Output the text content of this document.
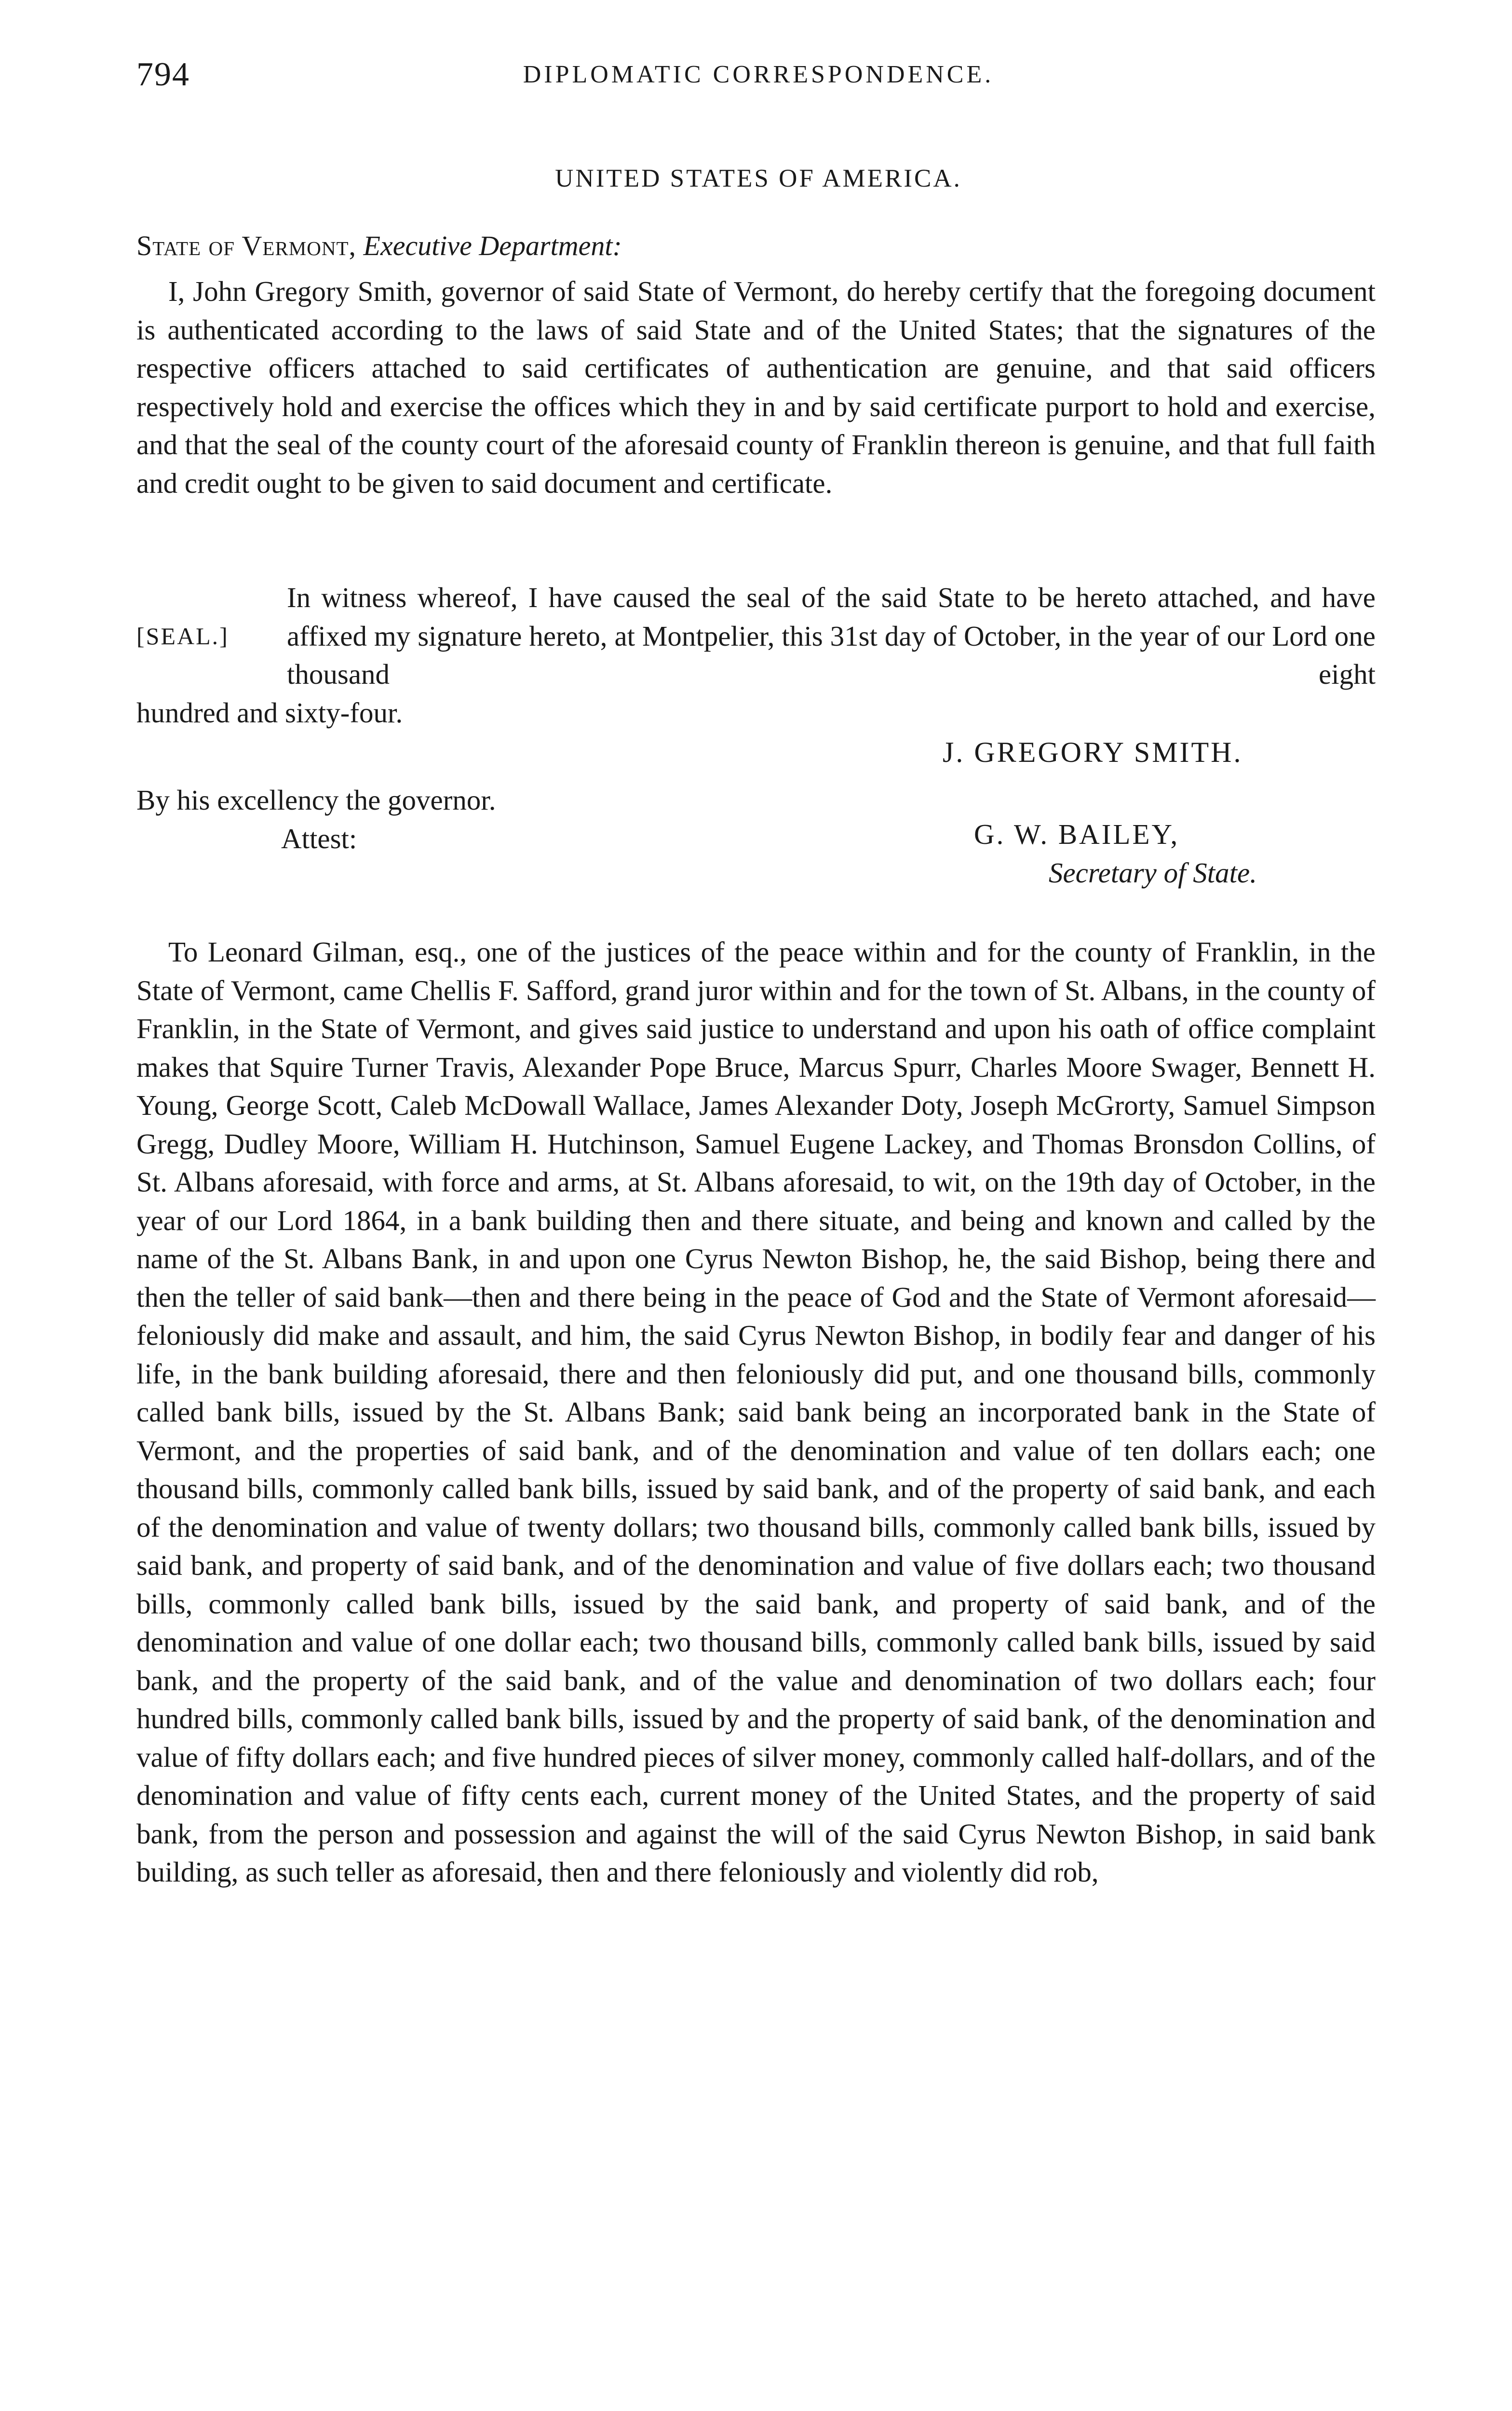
794	DIPLOMATIC CORRESPONDENCE.
UNITED STATES OF AMERICA.
State of Vermont, Executive Department:

I, John Gregory Smith, governor of said State of Vermont, do hereby certify that the foregoing document is authenticated according to the laws of said State and of the United States; that the signatures of the respective officers attached to said certificates of authentication are genuine, and that said officers respectively hold and exercise the offices which they in and by said certificate purport to hold and exercise, and that the seal of the county court of the aforesaid county of Franklin thereon is genuine, and that full faith and credit ought to be given to said document and certificate.

[SEAL.]
In witness whereof, I have caused the seal of the said State to be hereto attached, and have affixed my signature hereto, at Montpelier, this 31st day of October, in the year of our Lord one thousand eight
hundred and sixty-four.
J. GREGORY SMITH.
By his excellency the governor.
Attest:	G. W. BAILEY,
Secretary of State.

To Leonard Gilman, esq., one of the justices of the peace within and for the county of Franklin, in the State of Vermont, came Chellis F. Safford, grand juror within and for the town of St. Albans, in the county of Franklin, in the State of Vermont, and gives said justice to understand and upon his oath of office complaint makes that Squire Turner Travis, Alexander Pope Bruce, Marcus Spurr, Charles Moore Swager, Bennett H. Young, George Scott, Caleb McDowall Wallace, James Alexander Doty, Joseph McGrorty, Samuel Simpson Gregg, Dudley Moore, William H. Hutchinson, Samuel Eugene Lackey, and Thomas Bronsdon Collins, of St. Albans aforesaid, with force and arms, at St. Albans aforesaid, to wit, on the 19th day of October, in the year of our Lord 1864, in a bank building then and there situate, and being and known and called by the name of the St. Albans Bank, in and upon one Cyrus Newton Bishop, he, the said Bishop, being there and then the teller of said bank—then and there being in the peace of God and the State of Vermont aforesaid—feloniously did make and assault, and him, the said Cyrus Newton Bishop, in bodily fear and danger of his life, in the bank building aforesaid, there and then feloniously did put, and one thousand bills, commonly called bank bills, issued by the St. Albans Bank; said bank being an incorporated bank in the State of Vermont, and the properties of said bank, and of the denomination and value of ten dollars each; one thousand bills, commonly called bank bills, issued by said bank, and of the property of said bank, and each of the denomination and value of twenty dollars; two thousand bills, commonly called bank bills, issued by said bank, and property of said bank, and of the denomination and value of five dollars each; two thousand bills, commonly called bank bills, issued by the said bank, and property of said bank, and of the denomination and value of one dollar each; two thousand bills, commonly called bank bills, issued by said bank, and the property of the said bank, and of the value and denomination of two dollars each; four hundred bills, commonly called bank bills, issued by and the property of said bank, of the denomination and value of fifty dollars each; and five hundred pieces of silver money, commonly called half-dollars, and of the denomination and value of fifty cents each, current money of the United States, and the property of said bank, from the person and possession and against the will of the said Cyrus Newton Bishop, in said bank building, as such teller as aforesaid, then and there feloniously and violently did rob,
